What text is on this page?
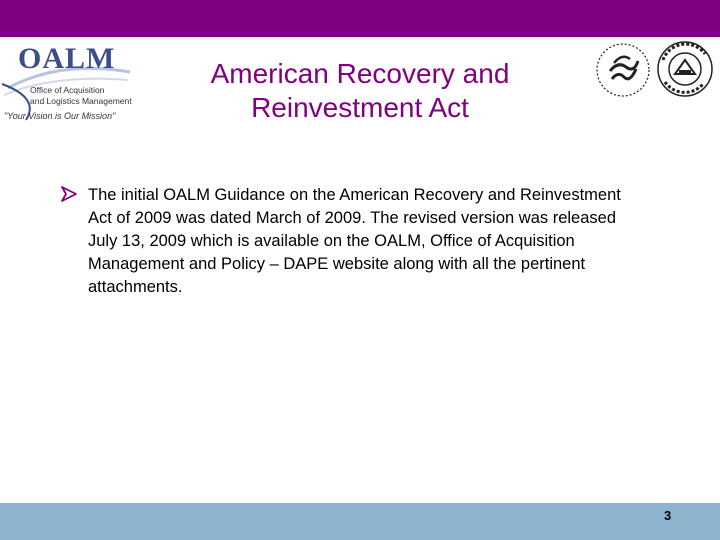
OALM
Office of Acquisition
and Logistics Management
"Your Vision is Our Mission"
American Recovery and
Reinvestment Act
The initial OALM Guidance on the American Recovery and Reinvestment Act of 2009 was dated March of 2009. The revised version was released July 13, 2009 which is available on the OALM, Office of Acquisition Management and Policy – DAPE website along with all the pertinent attachments.
3
